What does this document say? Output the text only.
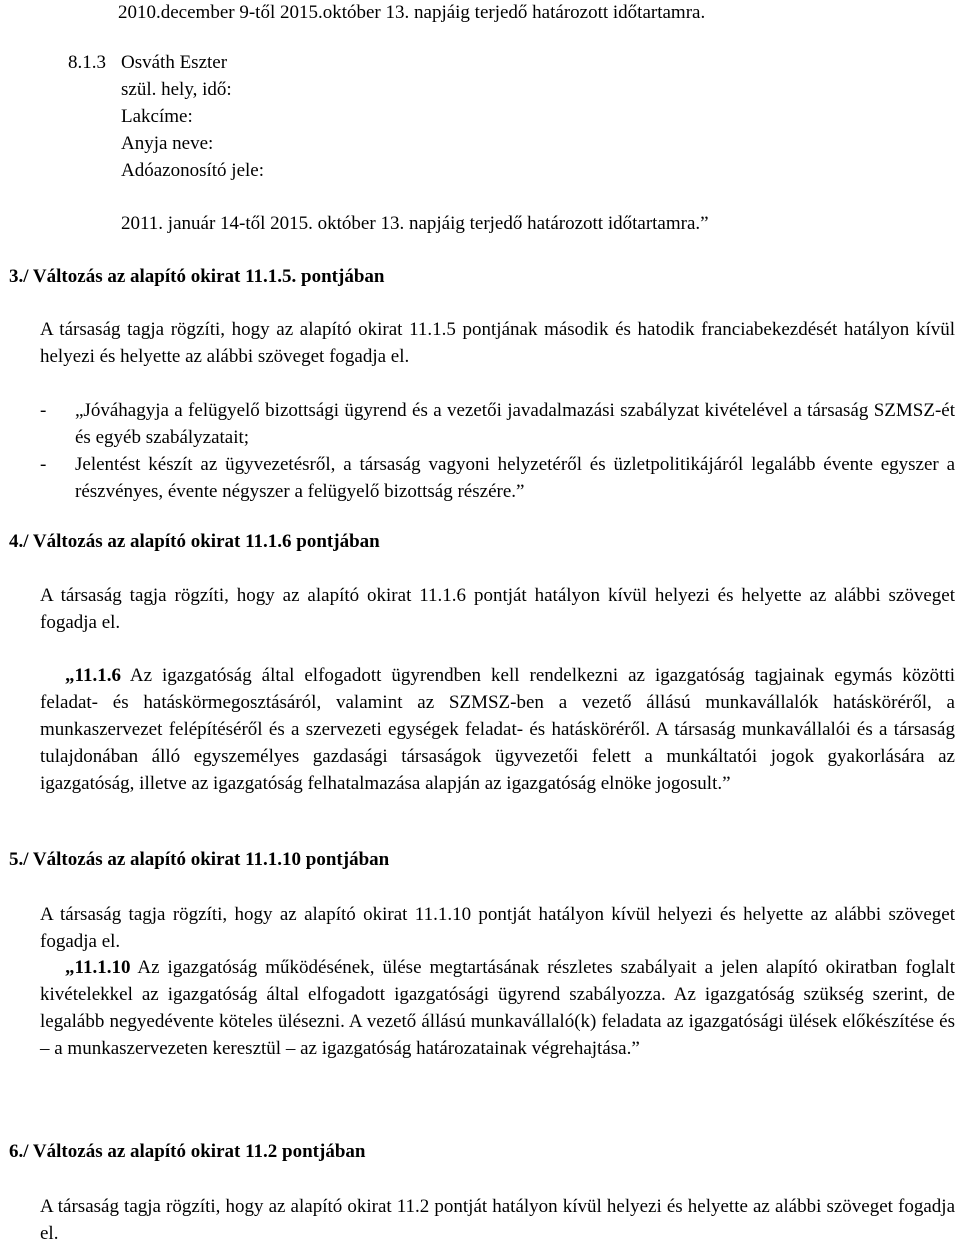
2010.december 9-től 2015.október 13. napjáig terjedő határozott időtartamra.
8.1.3 Osváth Eszter
szül. hely, idő:
Lakcíme:
Anyja neve:
Adóazonosító jele:
2011. január 14-től 2015. október 13. napjáig terjedő határozott időtartamra.”
3./ Változás az alapító okirat 11.1.5. pontjában
A társaság tagja rögzíti, hogy az alapító okirat 11.1.5 pontjának második és hatodik franciabekezdését hatályon kívül helyezi és helyette az alábbi szöveget fogadja el.
- „Jóváhagyja a felügyelő bizottsági ügyrend és a vezetői javadalmazási szabályzat kivételével a társaság SZMSZ-ét és egyéb szabályzatait;
- Jelentést készít az ügyvezetésről, a társaság vagyoni helyzetéről és üzletpolitikájáról legalább évente egyszer a részvényes, évente négyszer a felügyelő bizottság részére.”
4./ Változás az alapító okirat 11.1.6 pontjában
A társaság tagja rögzíti, hogy az alapító okirat 11.1.6 pontját hatályon kívül helyezi és helyette az alábbi szöveget fogadja el.
„11.1.6 Az igazgatóság által elfogadott ügyrendben kell rendelkezni az igazgatóság tagjainak egymás közötti feladat- és hatáskörmegosztásáról, valamint az SZMSZ-ben a vezető állású munkavállalók hatásköréről, a munkaszervezet felépítéséről és a szervezeti egységek feladat- és hatásköréről. A társaság munkavállalói és a társaság tulajdonában álló egyszemélyes gazdasági társaságok ügyvezetői felett a munkáltatói jogok gyakorlására az igazgatóság, illetve az igazgatóság felhatalmazása alapján az igazgatóság elnöke jogosult.”
5./ Változás az alapító okirat 11.1.10 pontjában
A társaság tagja rögzíti, hogy az alapító okirat 11.1.10 pontját hatályon kívül helyezi és helyette az alábbi szöveget fogadja el.
„11.1.10 Az igazgatóság működésének, ülése megtartásának részletes szabályait a jelen alapító okiratban foglalt kivételekkel az igazgatóság által elfogadott igazgatósági ügyrend szabályozza. Az igazgatóság szükség szerint, de legalább negyedévente köteles ülésezni. A vezető állású munkavállaló(k) feladata az igazgatósági ülések előkészítése és – a munkaszervezeten keresztül – az igazgatóság határozatainak végrehajtása.”
6./ Változás az alapító okirat 11.2 pontjában
A társaság tagja rögzíti, hogy az alapító okirat 11.2 pontját hatályon kívül helyezi és helyette az alábbi szöveget fogadja el.
